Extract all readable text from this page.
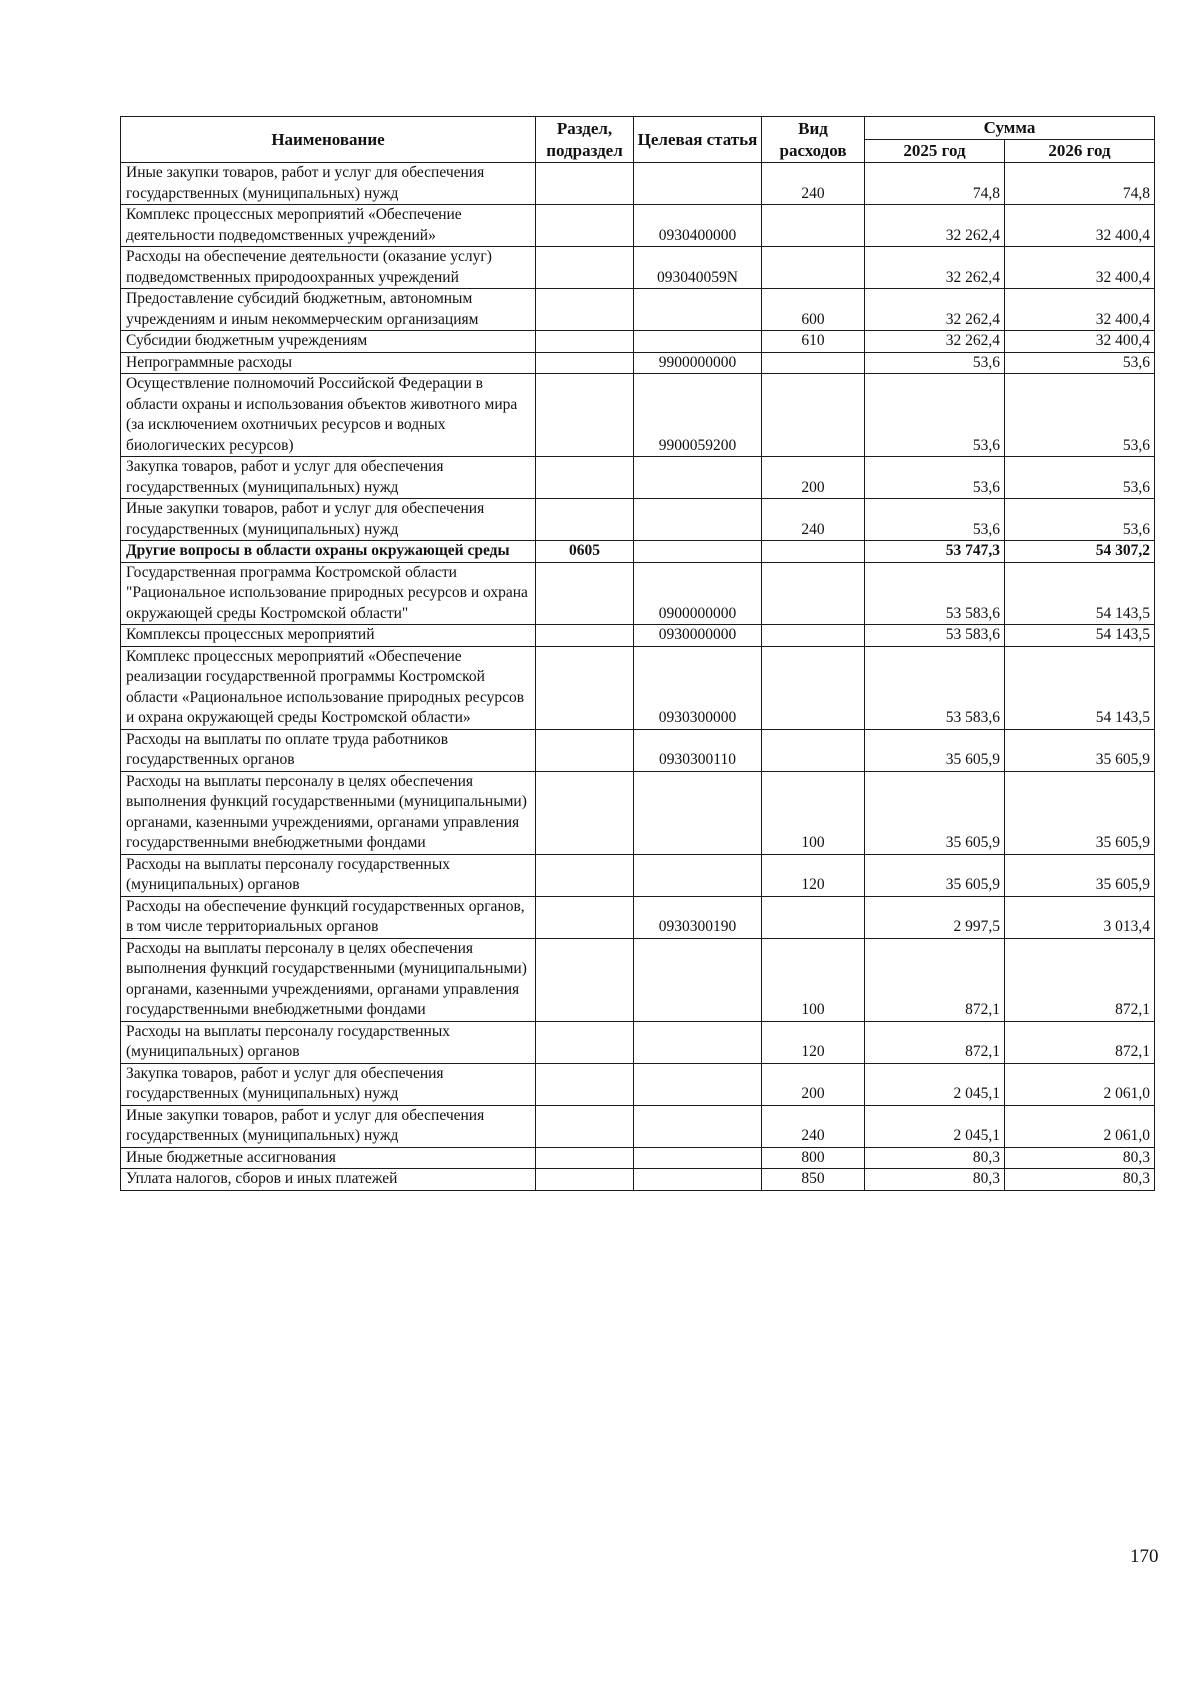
Наименование	Раздел, подраздел	Целевая статья	Вид расходов	Сумма	
				2025 год	2026 год
Иные закупки товаров, работ и услуг для обеспечения государственных (муниципальных) нужд			240	74,8	74,8
Комплекс процессных мероприятий «Обеспечение деятельности подведомственных учреждений»		0930400000		32 262,4	32 400,4
Расходы на обеспечение деятельности (оказание услуг) подведомственных природоохранных учреждений		093040059N		32 262,4	32 400,4
Предоставление субсидий бюджетным, автономным учреждениям и иным некоммерческим организациям			600	32 262,4	32 400,4
Субсидии бюджетным учреждениям			610	32 262,4	32 400,4
Непрограммные расходы		9900000000		53,6	53,6
Осуществление полномочий Российской Федерации в области охраны и использования объектов животного мира (за исключением охотничьих ресурсов и водных биологических ресурсов)		9900059200		53,6	53,6
Закупка товаров, работ и услуг для обеспечения государственных (муниципальных) нужд			200	53,6	53,6
Иные закупки товаров, работ и услуг для обеспечения государственных (муниципальных) нужд			240	53,6	53,6
Другие вопросы в области охраны окружающей среды	0605			53 747,3	54 307,2
Государственная программа Костромской области "Рациональное использование природных ресурсов и охрана окружающей среды Костромской области"		0900000000		53 583,6	54 143,5
Комплексы процессных мероприятий		0930000000		53 583,6	54 143,5
Комплекс процессных мероприятий «Обеспечение реализации государственной программы Костромской области «Рациональное использование природных ресурсов и охрана окружающей среды Костромской области»		0930300000		53 583,6	54 143,5
Расходы на выплаты по оплате труда работников государственных органов		0930300110		35 605,9	35 605,9
Расходы на выплаты персоналу в целях обеспечения выполнения функций государственными (муниципальными) органами, казенными учреждениями, органами управления государственными внебюджетными фондами			100	35 605,9	35 605,9
Расходы на выплаты персоналу государственных (муниципальных) органов			120	35 605,9	35 605,9
Расходы на обеспечение функций государственных органов, в том числе территориальных органов		0930300190		2 997,5	3 013,4
Расходы на выплаты персоналу в целях обеспечения выполнения функций государственными (муниципальными) органами, казенными учреждениями, органами управления государственными внебюджетными фондами			100	872,1	872,1
Расходы на выплаты персоналу государственных (муниципальных) органов			120	872,1	872,1
Закупка товаров, работ и услуг для обеспечения государственных (муниципальных) нужд			200	2 045,1	2 061,0
Иные закупки товаров, работ и услуг для обеспечения государственных (муниципальных) нужд			240	2 045,1	2 061,0
Иные бюджетные ассигнования			800	80,3	80,3
Уплата налогов, сборов и иных платежей			850	80,3	80,3
170
